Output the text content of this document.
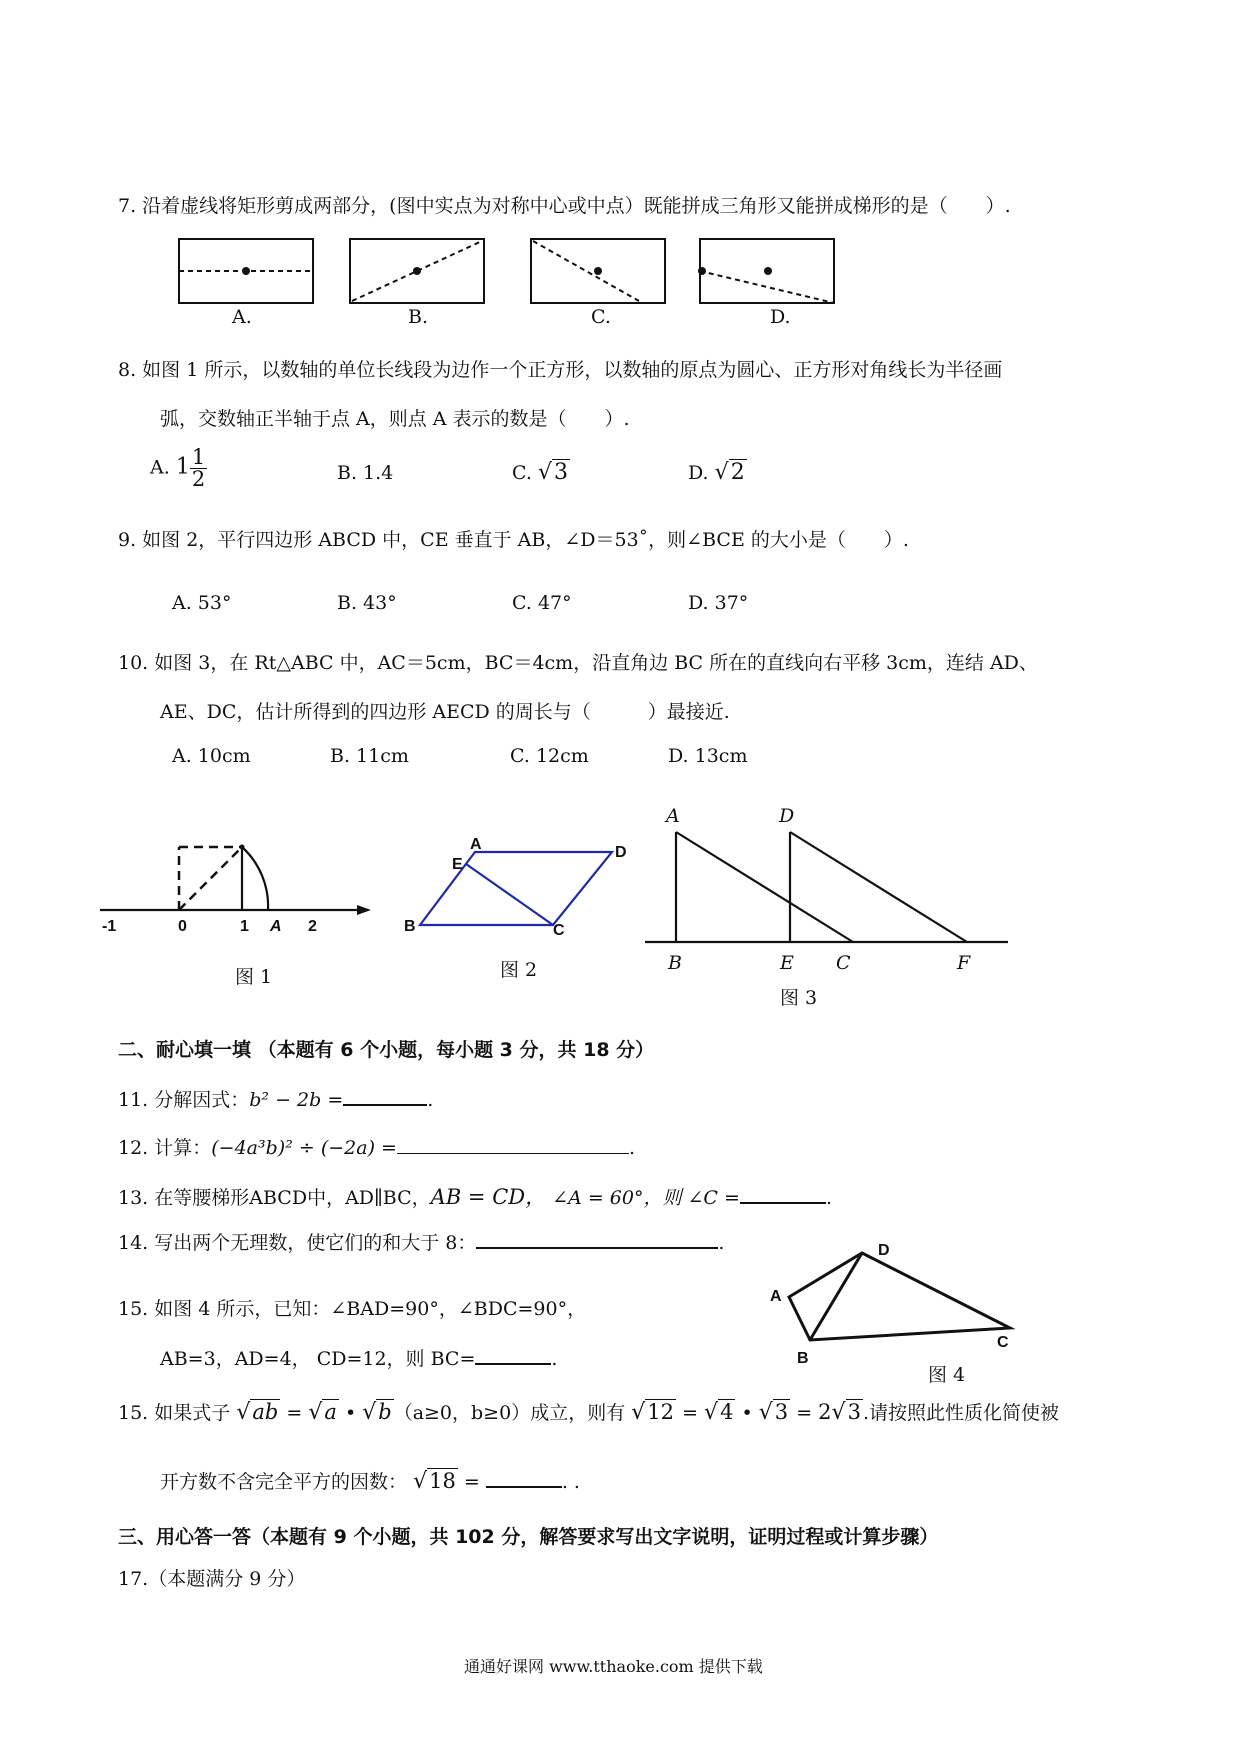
7. 沿着虚线将矩形剪成两部分，(图中实点为对称中心或中点）既能拼成三角形又能拼成梯形的是（　　）.
A.	B.	C.	D.
8. 如图 1 所示，以数轴的单位长线段为边作一个正方形，以数轴的原点为圆心、正方形对角线长为半径画
弧，交数轴正半轴于点 A，则点 A 表示的数是（　　）.
A. $1 \frac{1}{2}$	B. 1.4	C. √3	D. √2
9. 如图 2，平行四边形 ABCD 中，CE 垂直于 AB，∠D＝53˚，则∠BCE 的大小是（　　）.
A. 53°	B. 43°	C. 47°	D. 37°
10. 如图 3，在 Rt△ABC 中，AC＝5cm，BC＝4cm，沿直角边 BC 所在的直线向右平移 3cm，连结 AD、
AE、DC，估计所得到的四边形 AECD 的周长与（　　　）最接近.
A. 10cm	B. 11cm	C. 12cm	D. 13cm
-1	0	1 A 2
图 1
A
E
D
B	C
图 2
A	D
B	E C	F
图 3
二、耐心填一填 （本题有 6 个小题，每小题 3 分，共 18 分）
11. 分解因式：b² − 2b =	.
12. 计算：(−4a³b)² ÷ (−2a) =	.
13. 在等腰梯形ABCD中，AD∥BC，AB = CD， ∠A = 60°，则 ∠C =	.
14. 写出两个无理数，使它们的和大于 8：	.
15. 如图 4 所示，已知：∠BAD=90°，∠BDC=90°，
AB=3，AD=4， CD=12，则 BC=	.
D
A
C
B
图 4
15. 如果式子 √ab = √a • √b （a≥0，b≥0）成立，则有 √12 = √4 • √3 = 2√3 .请按照此性质化简使被
开方数不含完全平方的因数： √18 =	. .
三、用心答一答（本题有 9 个小题，共 102 分，解答要求写出文字说明，证明过程或计算步骤）
17.（本题满分 9 分）
通通好课网 www.tthaoke.com 提供下载
